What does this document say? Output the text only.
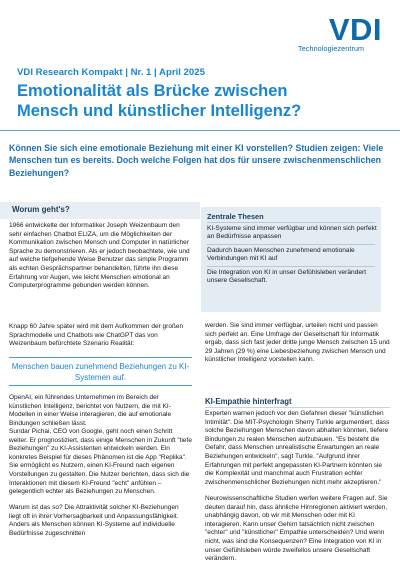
VDI
Technologiezentrum
VDI Research Kompakt | Nr. 1 | April 2025
Emotionalität als Brücke zwischen Mensch und künstlicher Intelligenz?
Können Sie sich eine emotionale Beziehung mit einer KI vorstellen? Studien zeigen: Viele Menschen tun es bereits. Doch welche Folgen hat dos für unsere zwischenmenschlichen Beziehungen?
Worum geht's?
1966 entwickelte der Informatiker Joseph Weizenbaum den sehr einfachen Chatbot ELIZA, um die Möglichkeiten der Kommunikation zwischen Mensch und Computer in natürlicher Sprache zu demonstrieren. Als er jedoch beobachtete, wie und auf welche tiefgehende Weise Benutzer das simple Programm als echten Gesprächspartner behandelten, führte ihn diese Erfahrung vor Augen, wie leicht Menschen emotional an Computerprogramme gebunden werden können.
Knapp 60 Jahre später wird mit dem Aufkommen der großen Sprachmodelle und Chatbots wie ChatGPT das von Weizenbaum befürchtete Szenario Realität:
Menschen bauen zunehmend Beziehungen zu KI-Systemen auf.
OpenAI, ein führendes Unternehmen im Bereich der künstlichen Intelligenz, berichtet von Nutzern, die mit KI-Modellen in einer Weise interagieren, die auf emotionale Bindungen schließen lässt.
Sundar Pichai, CEO von Google, geht noch einen Schritt weiter. Er prognostiziert, dass einige Menschen in Zukunft "tiefe Beziehungen" zu KI-Assistenten entwickeln werden. Ein konkretes Beispiel für dieses Phänomen ist die App "Replika". Sie ermöglicht es Nutzern, einen KI-Freund nach eigenen Vorstellungen zu gestalten. Die Nutzer berichten, dass sich die Interaktionen mit diesem KI-Freund "echt" anfühlen – gelegentlich echter als Beziehungen zu Menschen.
Warum ist das so? Die Attraktivität solcher KI-Beziehungen liegt oft in ihrer Vorhersagbarkeit und Anpassungsfähigkeit. Anders als Menschen können KI-Systeme auf individuelle Bedürfnisse zugeschnitten
Zentrale Thesen
KI-Systeme sind immer verfügbar und können sich perfekt an Bedürfnisse anpassen
Dadurch bauen Menschen zunehmend emotionale Verbindungen mit KI auf
Die Integration von KI in unser Gefühlsleben verändert unsere Gesellschaft.
werden. Sie sind immer verfügbar, urteilen nicht und passen sich perfekt an. Eine Umfrage der Gesellschaft für Informatik ergab, dass sich fast jeder dritte junge Mensch zwischen 15 und 29 Jahren (29 %) eine Liebesbeziehung zwischen Mensch und künstlicher Intelligenz vorstellen kann.
KI-Empathie hinterfragt
Experten warnen jedoch vor den Gefahren dieser "künstlichen Intimität". Die MIT-Psychologin Sherry Turkle argumentiert, dass solche Beziehungen Menschen davon abhalten könnten, tiefere Bindungen zu realen Menschen aufzubauen. "Es besteht die Gefahr, dass Menschen unrealistische Erwartungen an reale Beziehungen entwickeln", sagt Turkle. "Aufgrund ihrer Erfahrungen mit perfekt angepassten KI-Partnern könnten sie die Komplexität und manchmal auch Frustration echter zwischenmenschlicher Beziehungen nicht mehr akzeptieren."
Neurowissenschaftliche Studien werfen weitere Fragen auf. Sie deuten darauf hin, dass ähnliche Hirnregionen aktiviert werden, unabhängig davon, ob wir mit Menschen oder mit KI interagieren. Kann unser Gehirn tatsächlich nicht zwischen "echter" und "künstlicher" Empathie unterscheiden? Und wenn nicht, was sind die Konsequenzen? Eine Integration von KI in unser Gefühlsleben würde zweifellos unsere Gesellschaft verändern.
